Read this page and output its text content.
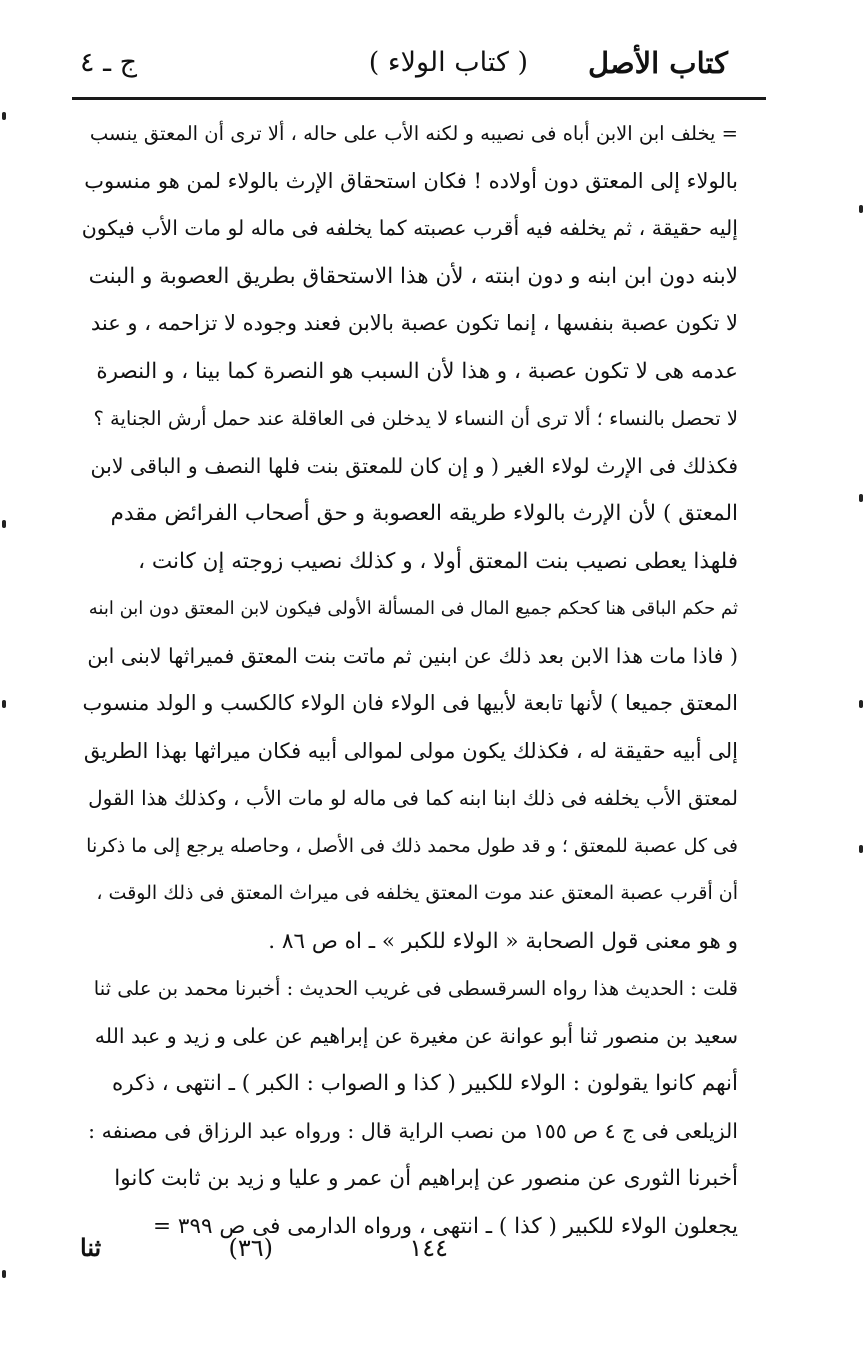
كتاب الأصل
( كتاب الولاء )
ج ـ ٤
= يخلف ابن الابن أباه فى نصيبه و لكنه الأب على حاله ، ألا ترى أن المعتق ينسب
بالولاء إلى المعتق دون أولاده ! فكان استحقاق الإرث بالولاء لمن هو منسوب
إليه حقيقة ، ثم يخلفه فيه أقرب عصبته كما يخلفه فى ماله لو مات الأب فيكون
لابنه دون ابن ابنه و دون ابنته ، لأن هذا الاستحقاق بطريق العصوبة و البنت
لا تكون عصبة بنفسها ، إنما تكون عصبة بالابن فعند وجوده لا تزاحمه ، و عند
عدمه هى لا تكون عصبة ، و هذا لأن السبب هو النصرة كما بينا ، و النصرة
لا تحصل بالنساء ؛ ألا ترى أن النساء لا يدخلن فى العاقلة عند حمل أرش الجناية ؟
فكذلك فى الإرث لولاء الغير ( و إن كان للمعتق بنت فلها النصف و الباقى لابن
المعتق ) لأن الإرث بالولاء طريقه العصوبة و حق أصحاب الفرائض مقدم
فلهذا يعطى نصيب بنت المعتق أولا ، و كذلك نصيب زوجته إن كانت ،
ثم حكم الباقى هنا كحكم جميع المال فى المسألة الأولى فيكون لابن المعتق دون ابن ابنه
( فاذا مات هذا الابن بعد ذلك عن ابنين ثم ماتت بنت المعتق فميراثها لابنى ابن
المعتق جميعا ) لأنها تابعة لأبيها فى الولاء فان الولاء كالكسب و الولد منسوب
إلى أبيه حقيقة له ، فكذلك يكون مولى لموالى أبيه فكان ميراثها بهذا الطريق
لمعتق الأب يخلفه فى ذلك ابنا ابنه كما فى ماله لو مات الأب ، وكذلك هذا القول
فى كل عصبة للمعتق ؛ و قد طول محمد ذلك فى الأصل ، وحاصله يرجع إلى ما ذكرنا
أن أقرب عصبة المعتق عند موت المعتق يخلفه فى ميراث المعتق فى ذلك الوقت ،
و هو معنى قول الصحابة « الولاء للكبر » ـ اه ص ٨٦ .
قلت : الحديث هذا رواه السرقسطى فى غريب الحديث : أخبرنا محمد بن على ثنا
سعيد بن منصور ثنا أبو عوانة عن مغيرة عن إبراهيم عن على و زيد و عبد الله
أنهم كانوا يقولون : الولاء للكبير ( كذا و الصواب : الكبر ) ـ انتهى ، ذكره
الزيلعى فى ج ٤ ص ١٥٥ من نصب الراية قال : ورواه عبد الرزاق فى مصنفه :
أخبرنا الثورى عن منصور عن إبراهيم أن عمر و عليا و زيد بن ثابت كانوا
يجعلون الولاء للكبير ( كذا ) ـ انتهى ، ورواه الدارمى فى ص ٣٩٩ =
١٤٤
(٣٦)
ثنا
